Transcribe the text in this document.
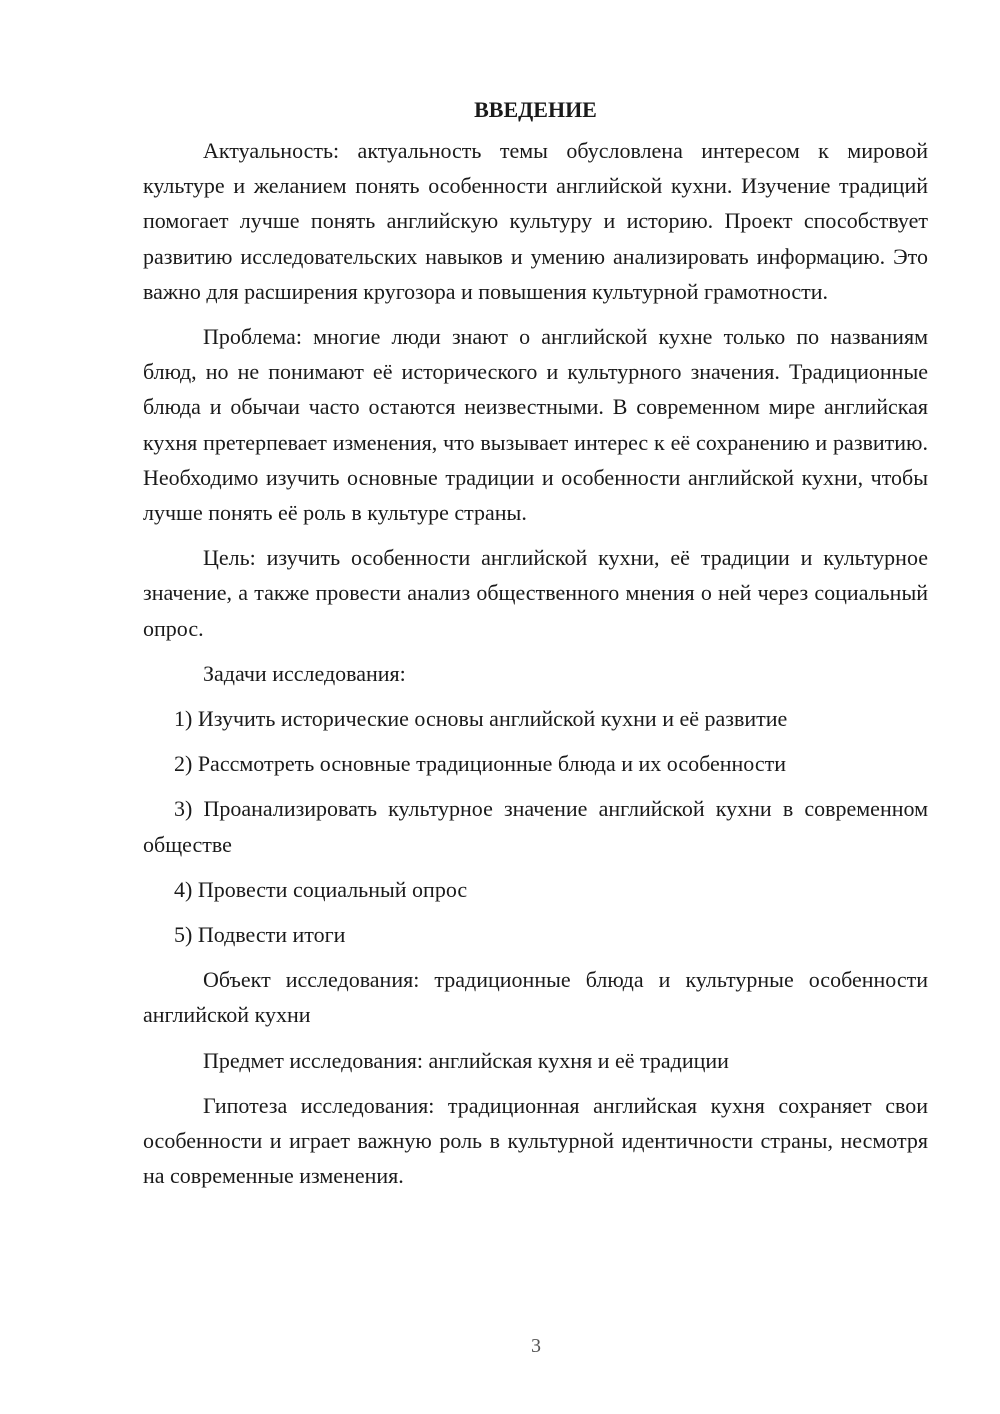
ВВЕДЕНИЕ

Актуальность: актуальность темы обусловлена интересом к мировой культуре и желанием понять особенности английской кухни. Изучение традиций помогает лучше понять английскую культуру и историю. Проект способствует развитию исследовательских навыков и умению анализировать информацию. Это важно для расширения кругозора и повышения культурной грамотности.

Проблема: многие люди знают о английской кухне только по названиям блюд, но не понимают её исторического и культурного значения. Традиционные блюда и обычаи часто остаются неизвестными. В современном мире английская кухня претерпевает изменения, что вызывает интерес к её сохранению и развитию. Необходимо изучить основные традиции и особенности английской кухни, чтобы лучше понять её роль в культуре страны.

Цель: изучить особенности английской кухни, её традиции и культурное значение, а также провести анализ общественного мнения о ней через социальный опрос.

Задачи исследования:

1) Изучить исторические основы английской кухни и её развитие

2) Рассмотреть основные традиционные блюда и их особенности

3) Проанализировать культурное значение английской кухни в современном обществе

4) Провести социальный опрос

5) Подвести итоги

Объект исследования: традиционные блюда и культурные особенности английской кухни

Предмет исследования: английская кухня и её традиции

Гипотеза исследования: традиционная английская кухня сохраняет свои особенности и играет важную роль в культурной идентичности страны, несмотря на современные изменения.

3
